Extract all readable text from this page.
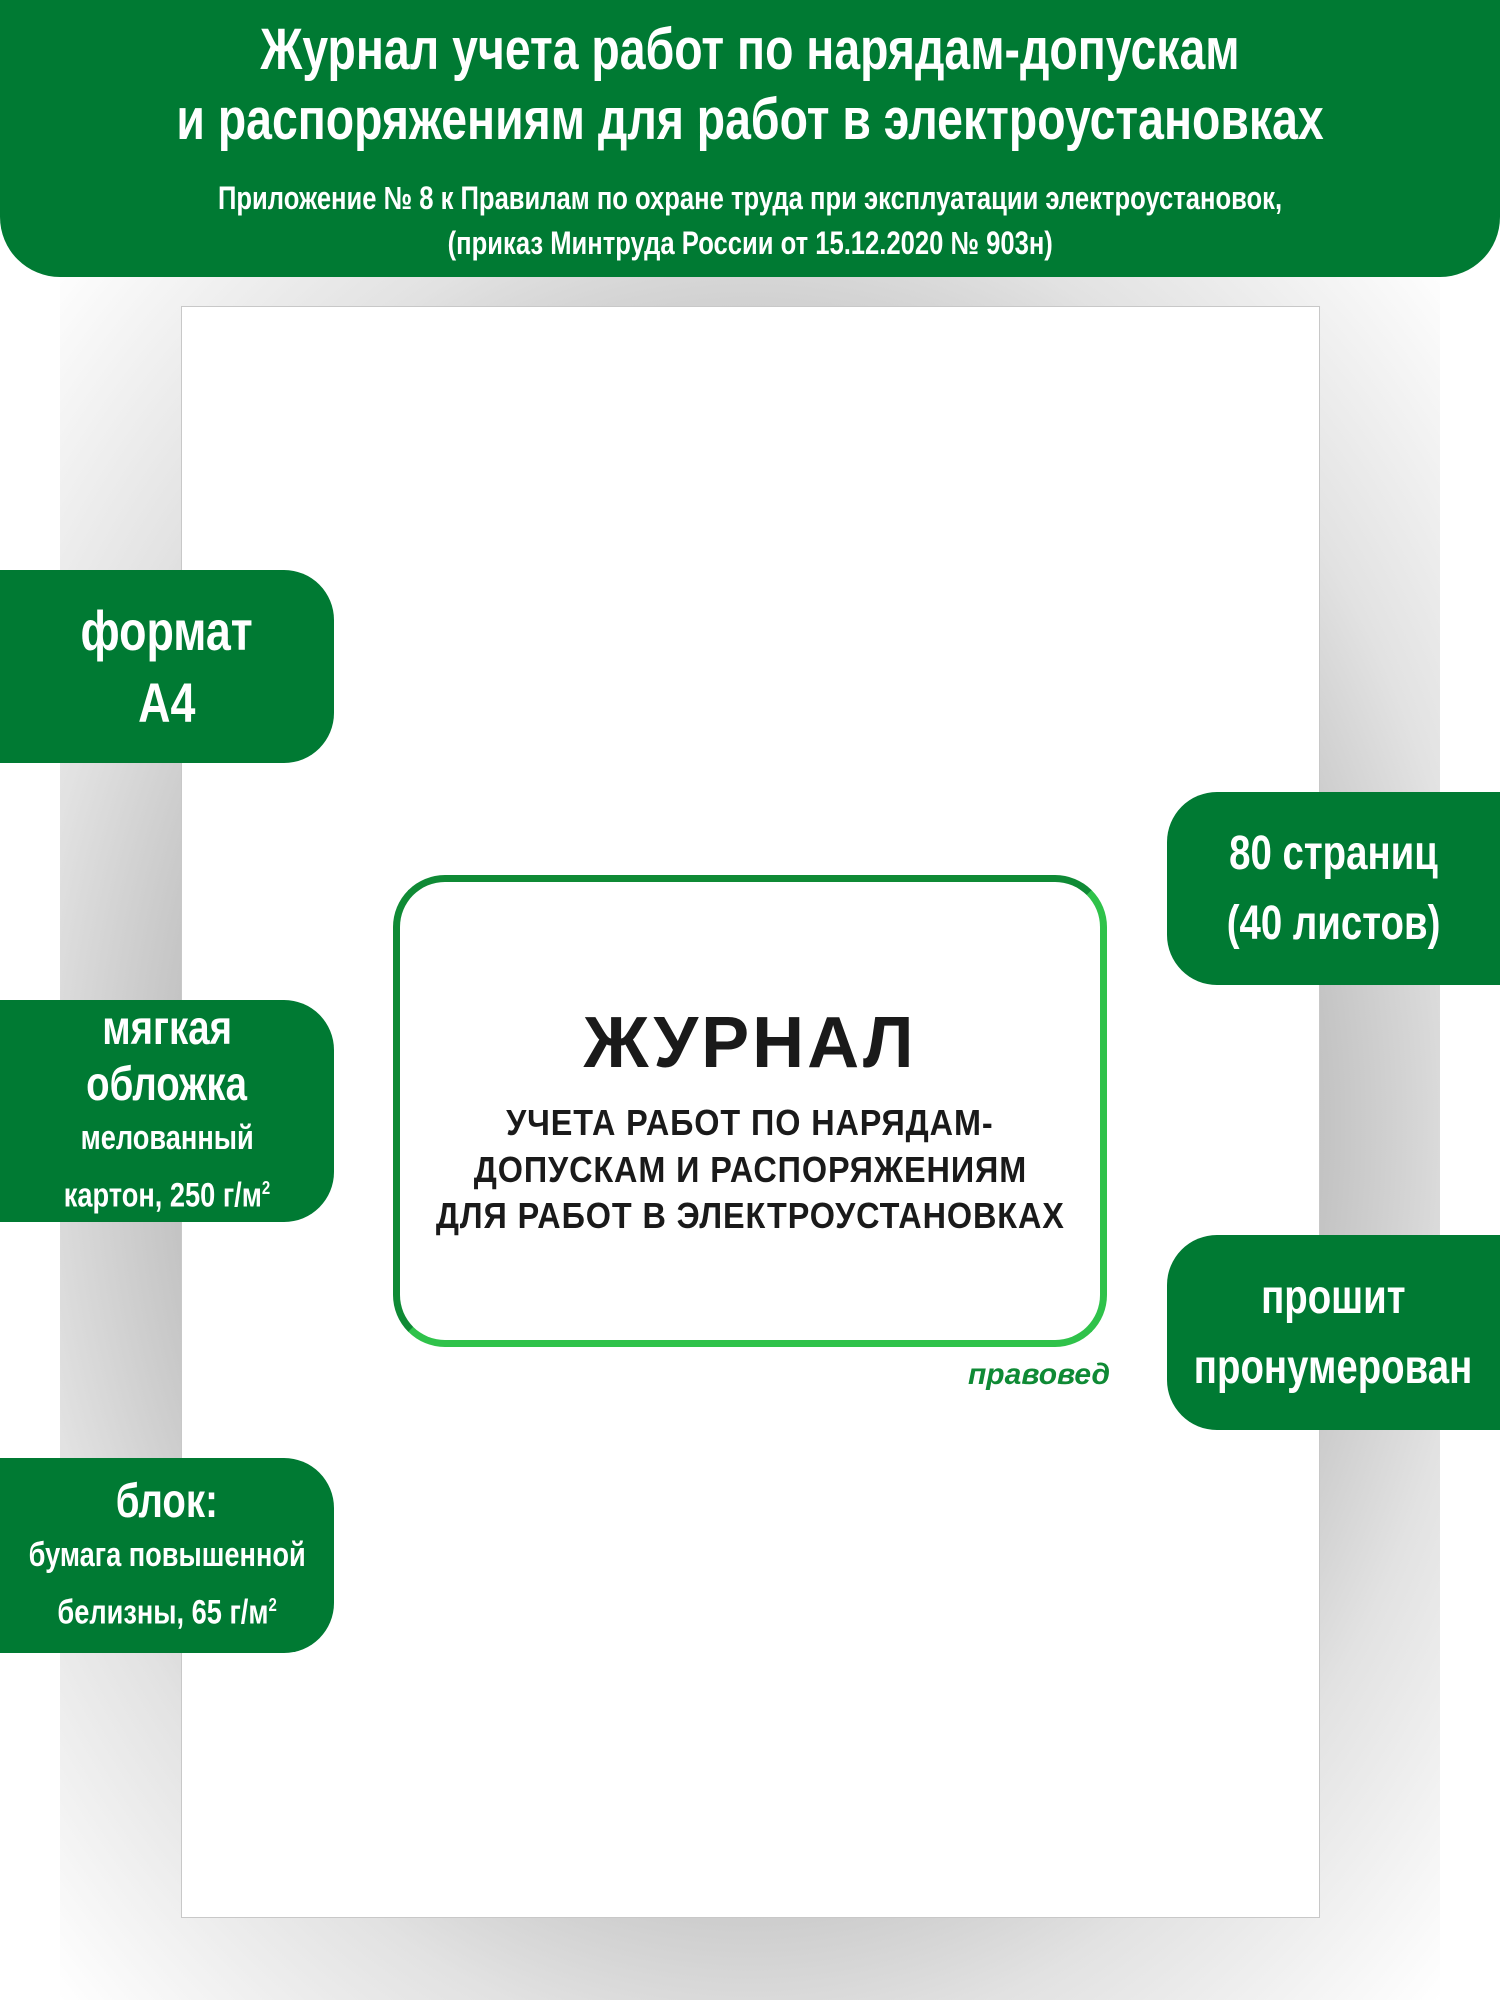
Журнал учета работ по нарядам-допускам
и распоряжениям для работ в электроустановках
Приложение № 8 к Правилам по охране труда при эксплуатации электроустановок,
(приказ Минтруда России от 15.12.2020 № 903н)
ЖУРНАЛ
УЧЕТА РАБОТ ПО НАРЯДАМ-
ДОПУСКАМ И РАСПОРЯЖЕНИЯМ
ДЛЯ РАБОТ В ЭЛЕКТРОУСТАНОВКАХ
правовед
формат
А4
мягкая
обложка
мелованный
картон, 250 $г/м^2$
блок:
бумага повышенной
белизны, 65 $г/м^2$
80 страниц
(40 листов)
прошит
пронумерован
